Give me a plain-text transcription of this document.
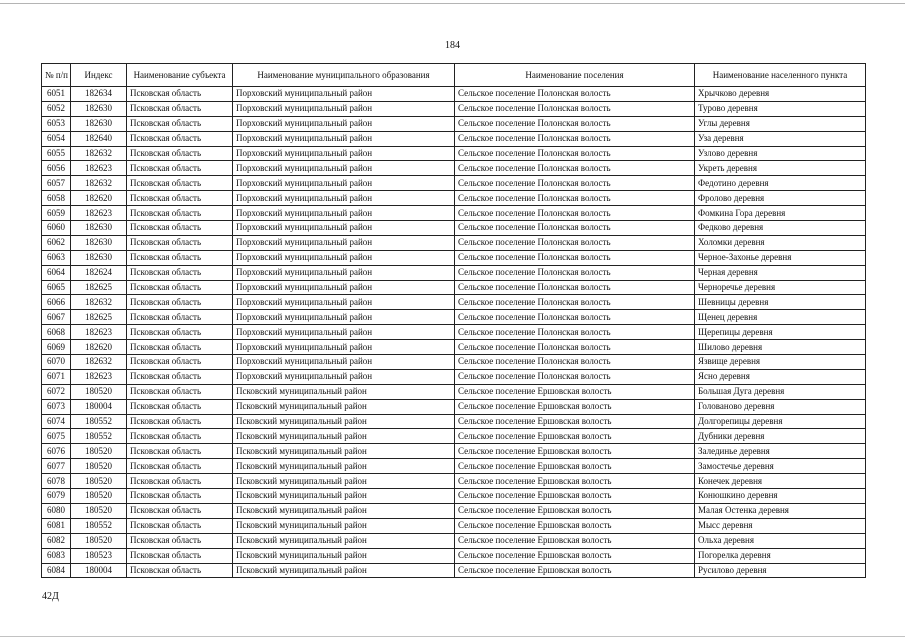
184
№ п/п	Индекс	Наименование субъекта	Наименование муниципального образования	Наименование поселения	Наименование населенного пункта
6051	182634	Псковская область	Порховский муниципальный район	Сельское поселение Полонская волость	Хрычково деревня
6052	182630	Псковская область	Порховский муниципальный район	Сельское поселение Полонская волость	Турово деревня
6053	182630	Псковская область	Порховский муниципальный район	Сельское поселение Полонская волость	Углы деревня
6054	182640	Псковская область	Порховский муниципальный район	Сельское поселение Полонская волость	Уза деревня
6055	182632	Псковская область	Порховский муниципальный район	Сельское поселение Полонская волость	Узлово деревня
6056	182623	Псковская область	Порховский муниципальный район	Сельское поселение Полонская волость	Укреть деревня
6057	182632	Псковская область	Порховский муниципальный район	Сельское поселение Полонская волость	Федотино деревня
6058	182620	Псковская область	Порховский муниципальный район	Сельское поселение Полонская волость	Фролово деревня
6059	182623	Псковская область	Порховский муниципальный район	Сельское поселение Полонская волость	Фомкина Гора деревня
6060	182630	Псковская область	Порховский муниципальный район	Сельское поселение Полонская волость	Федково деревня
6062	182630	Псковская область	Порховский муниципальный район	Сельское поселение Полонская волость	Холомки деревня
6063	182630	Псковская область	Порховский муниципальный район	Сельское поселение Полонская волость	Черное-Захонье деревня
6064	182624	Псковская область	Порховский муниципальный район	Сельское поселение Полонская волость	Черная деревня
6065	182625	Псковская область	Порховский муниципальный район	Сельское поселение Полонская волость	Черноречье деревня
6066	182632	Псковская область	Порховский муниципальный район	Сельское поселение Полонская волость	Шевницы деревня
6067	182625	Псковская область	Порховский муниципальный район	Сельское поселение Полонская волость	Щенец деревня
6068	182623	Псковская область	Порховский муниципальный район	Сельское поселение Полонская волость	Щерепицы деревня
6069	182620	Псковская область	Порховский муниципальный район	Сельское поселение Полонская волость	Шилово деревня
6070	182632	Псковская область	Порховский муниципальный район	Сельское поселение Полонская волость	Язвище деревня
6071	182623	Псковская область	Порховский муниципальный район	Сельское поселение Полонская волость	Ясно деревня
6072	180520	Псковская область	Псковский муниципальный район	Сельское поселение Ершовская волость	Большая Дуга деревня
6073	180004	Псковская область	Псковский муниципальный район	Сельское поселение Ершовская волость	Голованово деревня
6074	180552	Псковская область	Псковский муниципальный район	Сельское поселение Ершовская волость	Долгорепицы деревня
6075	180552	Псковская область	Псковский муниципальный район	Сельское поселение Ершовская волость	Дубники деревня
6076	180520	Псковская область	Псковский муниципальный район	Сельское поселение Ершовская волость	Залединье деревня
6077	180520	Псковская область	Псковский муниципальный район	Сельское поселение Ершовская волость	Замостечье деревня
6078	180520	Псковская область	Псковский муниципальный район	Сельское поселение Ершовская волость	Конечек деревня
6079	180520	Псковская область	Псковский муниципальный район	Сельское поселение Ершовская волость	Конюшкино деревня
6080	180520	Псковская область	Псковский муниципальный район	Сельское поселение Ершовская волость	Малая Остенка деревня
6081	180552	Псковская область	Псковский муниципальный район	Сельское поселение Ершовская волость	Мысс деревня
6082	180520	Псковская область	Псковский муниципальный район	Сельское поселение Ершовская волость	Ольха деревня
6083	180523	Псковская область	Псковский муниципальный район	Сельское поселение Ершовская волость	Погорелка деревня
6084	180004	Псковская область	Псковский муниципальный район	Сельское поселение Ершовская волость	Русилово деревня
42Д
